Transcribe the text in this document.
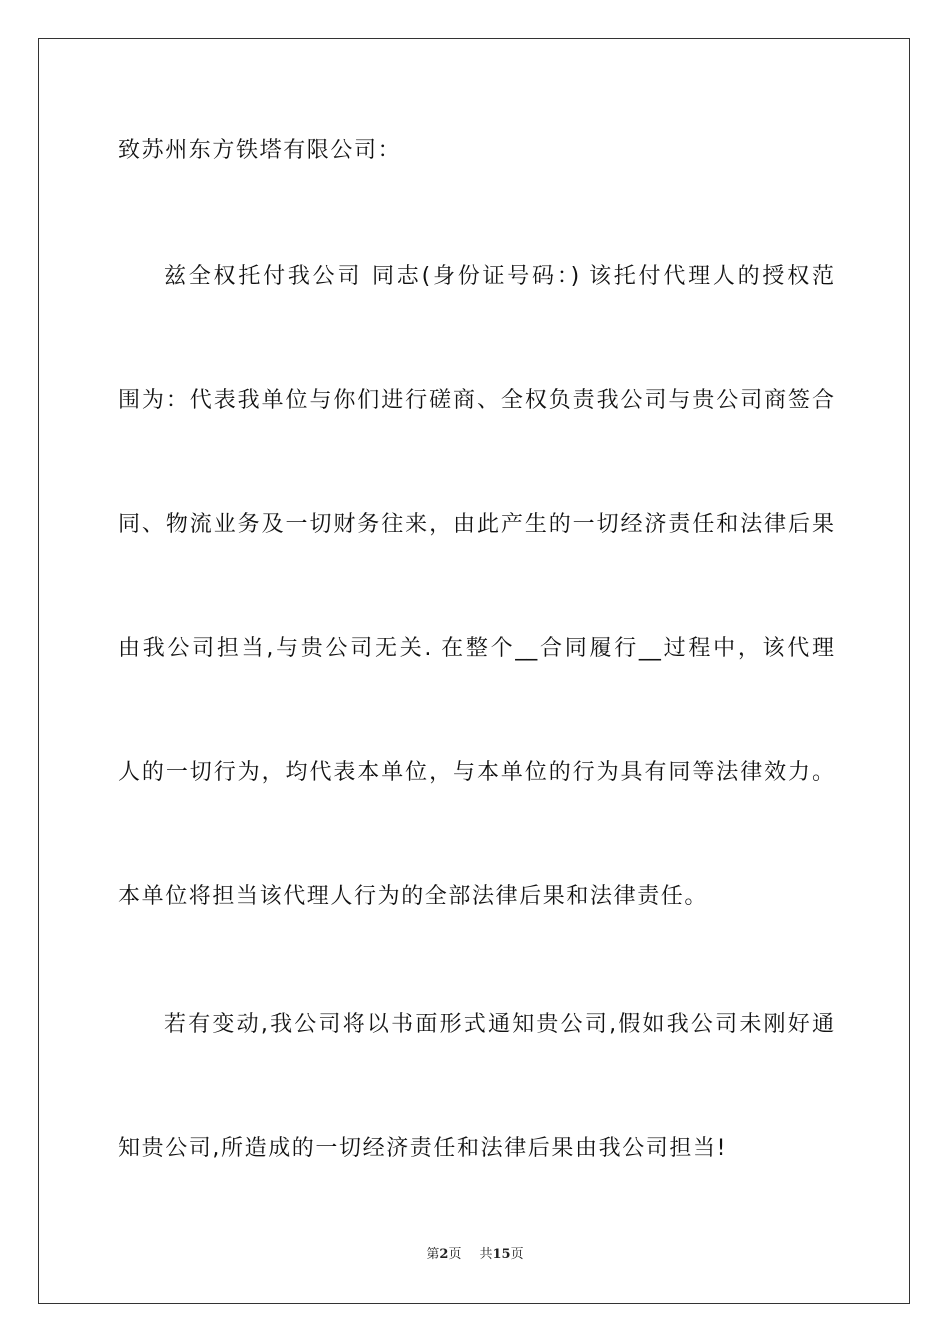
致苏州东方铁塔有限公司：
兹全权托付我公司 同志(身份证号码：) 该托付代理人的授权范
围为：代表我单位与你们进行磋商、全权负责我公司与贵公司商签合
同、物流业务及一切财务往来，由此产生的一切经济责任和法律后果
由我公司担当,与贵公司无关. 在整个__合同履行__过程中，该代理
人的一切行为，均代表本单位，与本单位的行为具有同等法律效力。
本单位将担当该代理人行为的全部法律后果和法律责任。
若有变动,我公司将以书面形式通知贵公司,假如我公司未刚好通
知贵公司,所造成的一切经济责任和法律后果由我公司担当!
第2页 共15页
